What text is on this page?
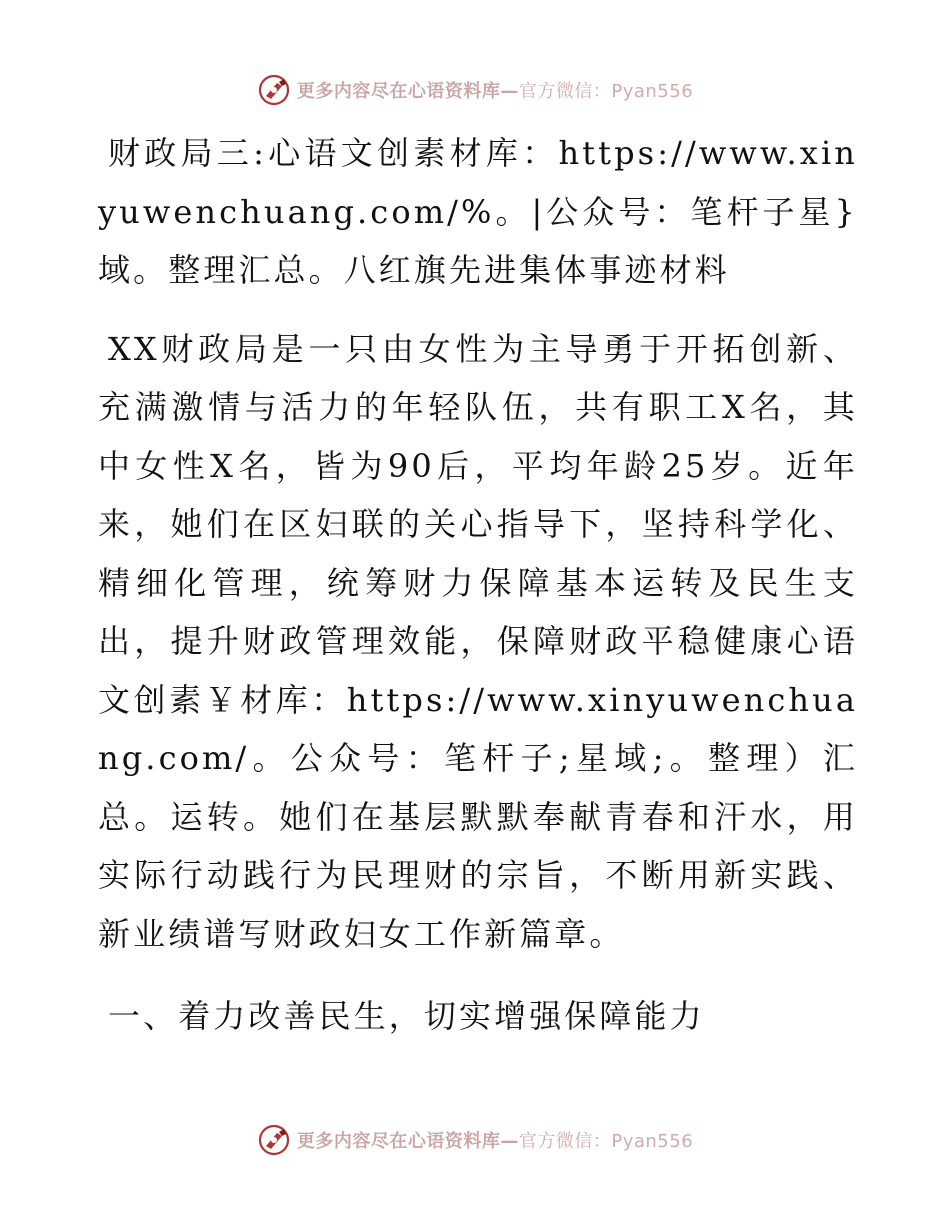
更多内容尽在心语资料库—官方微信：Pyan556

财政局三:心语文创素材库：https://www.xinyuwenchuang.com/%。|公众号：笔杆子星}域。整理汇总。八红旗先进集体事迹材料

XX财政局是一只由女性为主导勇于开拓创新、充满激情与活力的年轻队伍，共有职工X名，其中女性X名，皆为90后，平均年龄25岁。近年来，她们在区妇联的关心指导下，坚持科学化、精细化管理，统筹财力保障基本运转及民生支出，提升财政管理效能，保障财政平稳健康心语文创素￥材库：https://www.xinyuwenchuang.com/。公众号：笔杆子;星域;。整理）汇总。运转。她们在基层默默奉献青春和汗水，用实际行动践行为民理财的宗旨，不断用新实践、新业绩谱写财政妇女工作新篇章。

一、着力改善民生，切实增强保障能力

更多内容尽在心语资料库—官方微信：Pyan556
